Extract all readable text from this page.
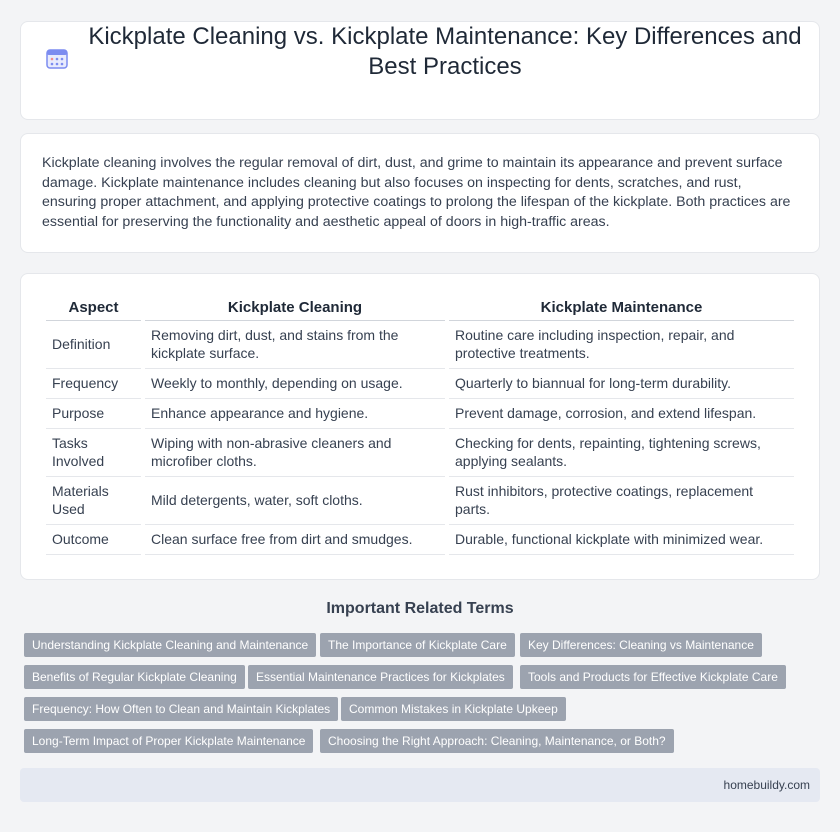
Kickplate Cleaning vs. Kickplate Maintenance: Key Differences and Best Practices

Kickplate cleaning involves the regular removal of dirt, dust, and grime to maintain its appearance and prevent surface damage. Kickplate maintenance includes cleaning but also focuses on inspecting for dents, scratches, and rust, ensuring proper attachment, and applying protective coatings to prolong the lifespan of the kickplate. Both practices are essential for preserving the functionality and aesthetic appeal of doors in high-traffic areas.

Aspect	Kickplate Cleaning	Kickplate Maintenance
Definition	Removing dirt, dust, and stains from the kickplate surface.	Routine care including inspection, repair, and protective treatments.
Frequency	Weekly to monthly, depending on usage.	Quarterly to biannual for long-term durability.
Purpose	Enhance appearance and hygiene.	Prevent damage, corrosion, and extend lifespan.
Tasks Involved	Wiping with non-abrasive cleaners and microfiber cloths.	Checking for dents, repainting, tightening screws, applying sealants.
Materials Used	Mild detergents, water, soft cloths.	Rust inhibitors, protective coatings, replacement parts.
Outcome	Clean surface free from dirt and smudges.	Durable, functional kickplate with minimized wear.
Important Related Terms
Understanding Kickplate Cleaning and Maintenance	The Importance of Kickplate Care	Key Differences: Cleaning vs Maintenance
Benefits of Regular Kickplate Cleaning	Essential Maintenance Practices for Kickplates	Tools and Products for Effective Kickplate Care
Frequency: How Often to Clean and Maintain Kickplates	Common Mistakes in Kickplate Upkeep
Long-Term Impact of Proper Kickplate Maintenance	Choosing the Right Approach: Cleaning, Maintenance, or Both?
homebuildy.com
